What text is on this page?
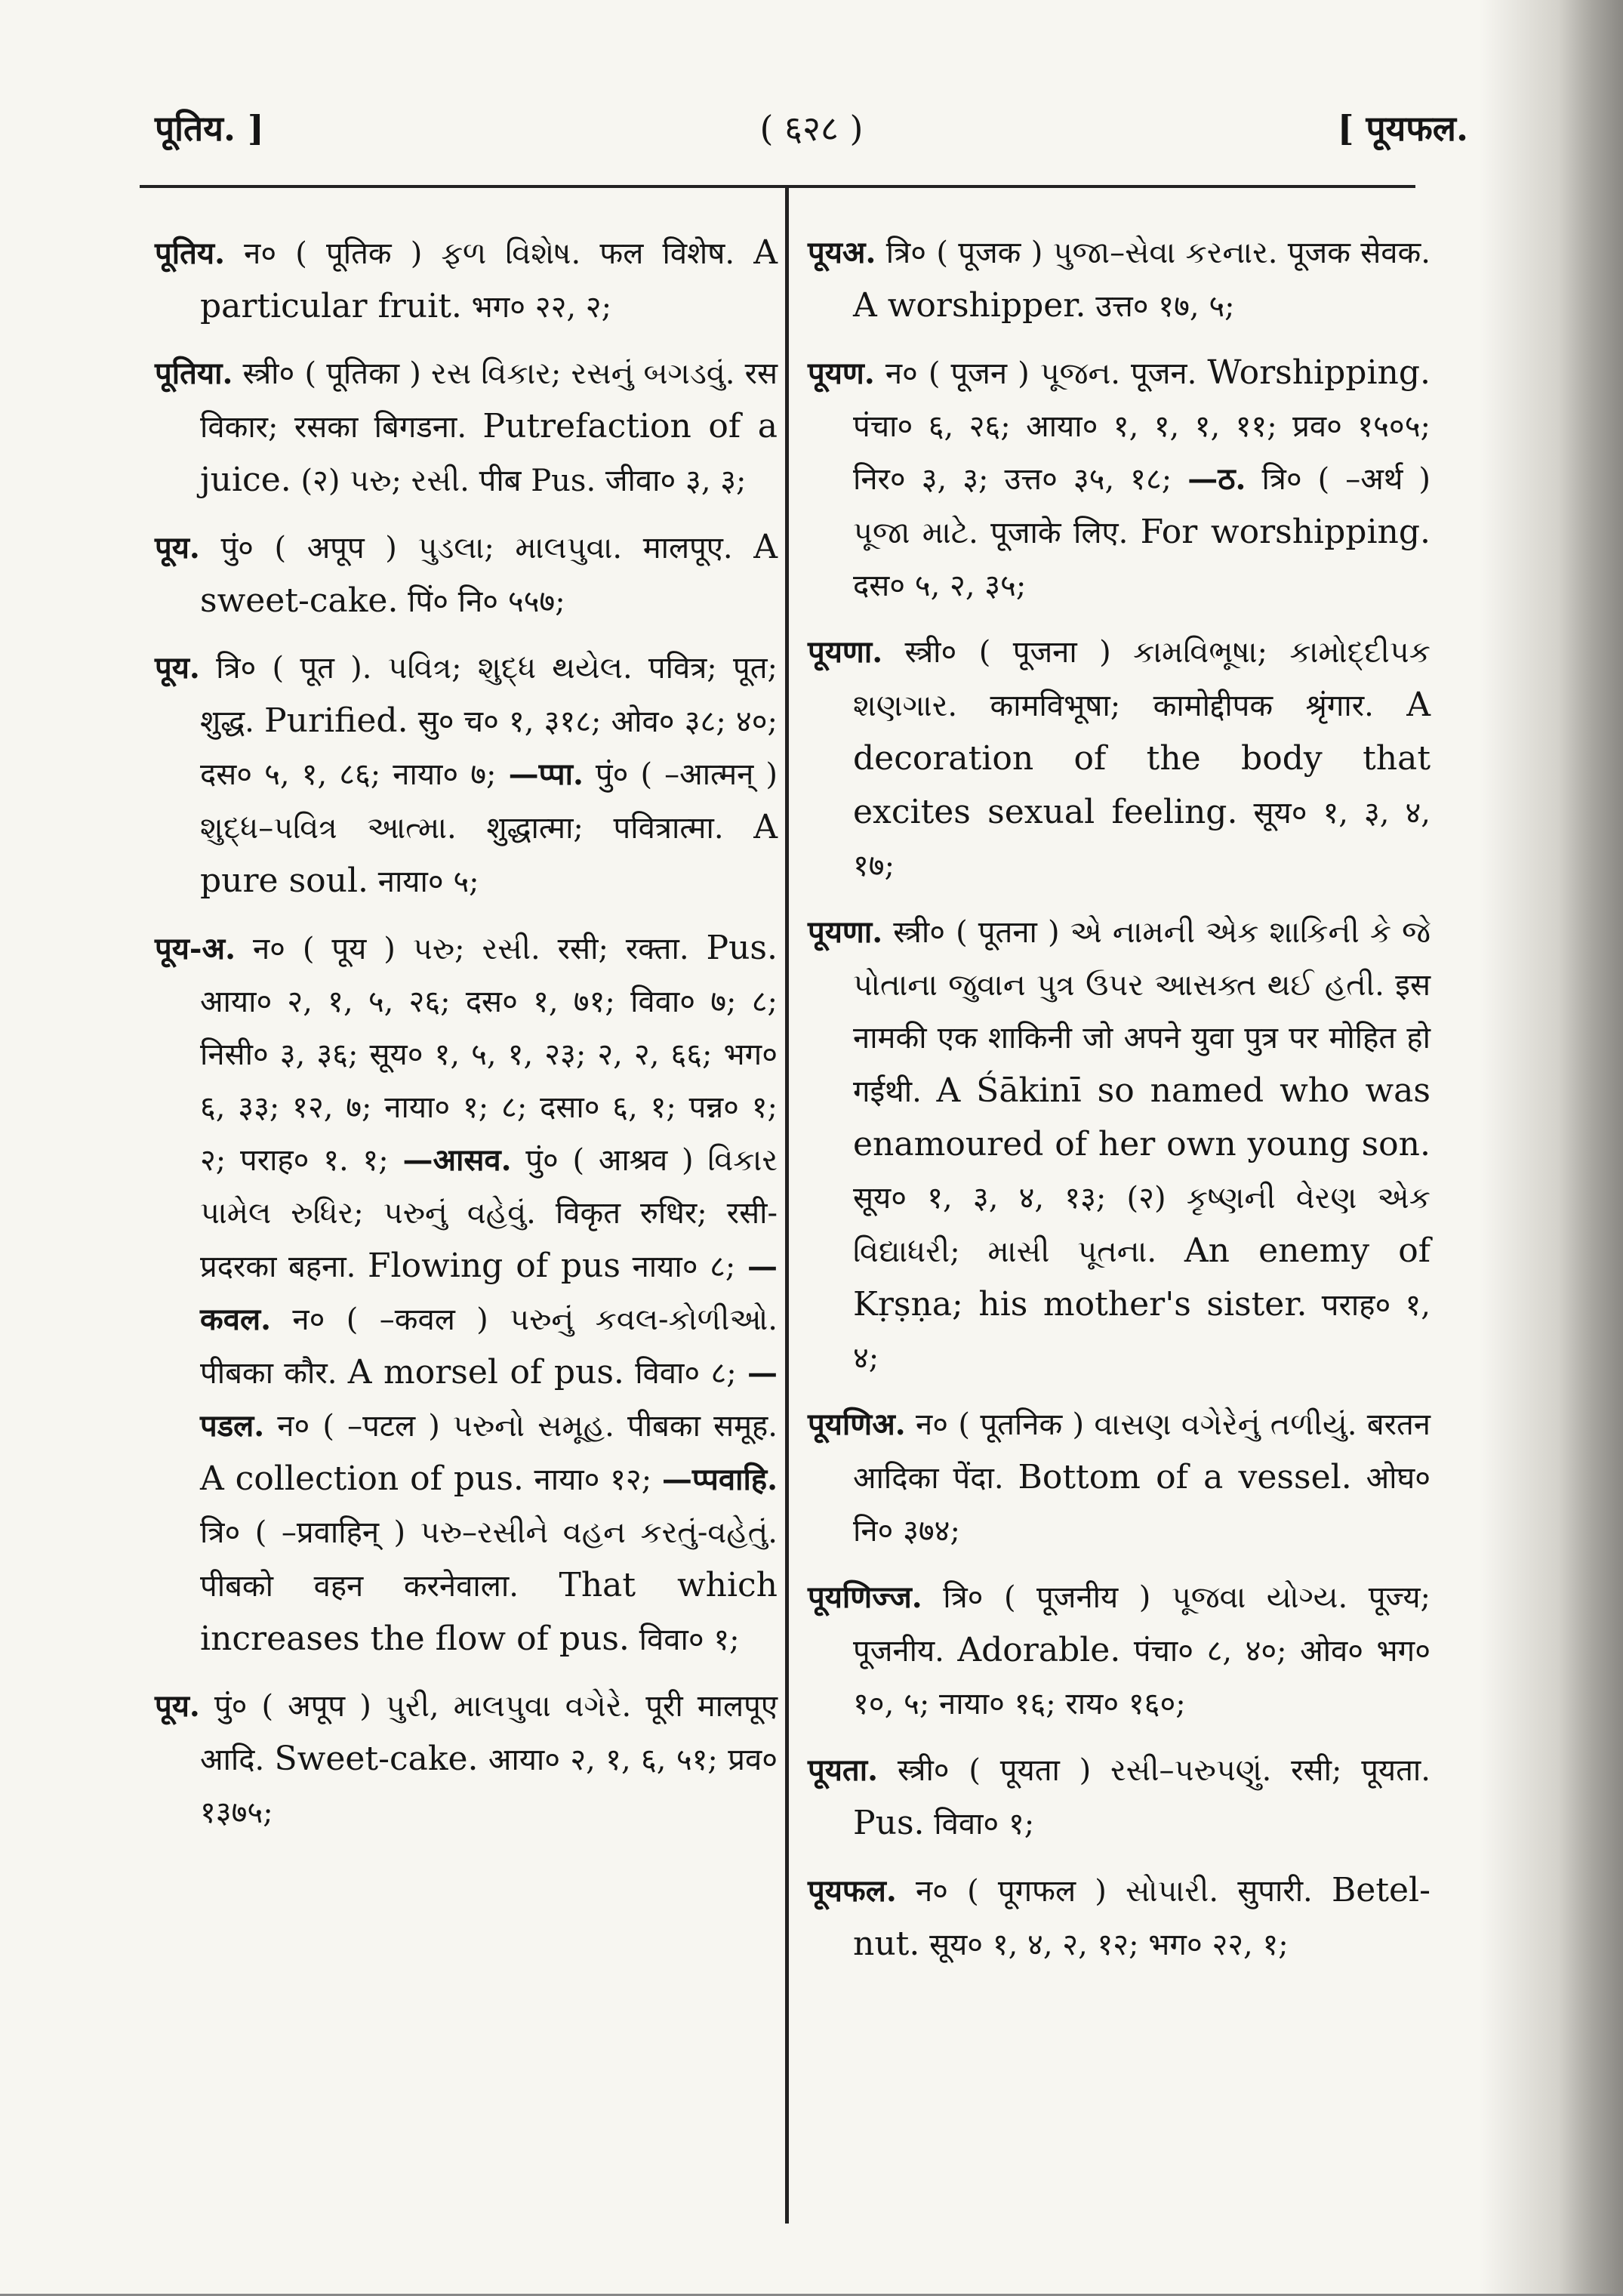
पूतिय. ]	( ६२८ )	[ पूयफल.

पूतिय. न० ( पूतिक ) ફળ વિશેષ. फल विशेष. A particular fruit. भग० २२, २;

पूतिया. स्त्री० ( पूतिका ) રસ વિકાર; રસનું બગડવું. रस विकार; रसका बिगडना. Putrefaction of a juice. (२) પરુ; રસી. पीब Pus. जीवा० ३, ३;

पूय. पुं० ( अपूप ) પુડલા; માલપુવા. मालपूए. A sweet-cake. पिं० नि० ५५७;

पूय. त्रि० ( पूत ). પવિત્ર; શુદ્ધ થયેલ. पवित्र; पूत; शुद्ध. Purified. सु० च० १, ३१८; ओव० ३८; ४०; दस० ५, १, ८६; नाया० ७; —प्पा. पुं० ( –आत्मन् ) શુદ્ધ–પવિત્ર આત્મા. शुद्धात्मा; पवित्रात्मा. A pure soul. नाया० ५;

पूय-अ. न० ( पूय ) પરુ; રસી. रसी; रक्ता. Pus. आया० २, १, ५, २६; दस० १, ७१; विवा० ७; ८; निसी० ३, ३६; सूय० १, ५, १, २३; २, २, ६६; भग० ६, ३३; १२, ७; नाया० १; ८; दसा० ६, १; पन्न० १; २; पराह० १. १; —आसव. पुं० ( आश्रव ) વિકાર પામેલ રુધિર; પરુનું વહેવું. विकृत रुधिर; रसी-प्रदरका बहना. Flowing of pus नाया० ८; —कवल. न० ( –कवल ) પરુનું કવલ-કોળીઓ. पीबका कौर. A morsel of pus. विवा० ८; —पडल. न० ( –पटल ) પરુનો સમૂહ. पीबका समूह. A collection of pus. नाया० १२; —प्पवाहि. त्रि० ( –प्रवाहिन् ) પરુ–રસીને વહન કરતું-વહેતું. पीबको वहन करनेवाला. That which increases the flow of pus. विवा० १;

पूय. पुं० ( अपूप ) પુરી, માલપુવા વગેરે. पूरी मालपूए आदि. Sweet-cake. आया० २, १, ६, ५१; प्रव० १३७५;

पूयअ. त्रि० ( पूजक ) પુજા–સેવા કરનાર. पूजक सेवक. A worshipper. उत्त० १७, ५;

पूयण. न० ( पूजन ) પૂજન. पूजन. Worshipping. पंचा० ६, २६; आया० १, १, १, ११; प्रव० १५०५; निर० ३, ३; उत्त० ३५, १८; —ठ. त्रि० ( –अर्थ ) પૂજા માટે. पूजाके लिए. For worshipping. दस० ५, २, ३५;

पूयणा. स्त्री० ( पूजना ) કામવિભૂષા; કામોદ્દીપક શણગાર. कामविभूषा; कामोद्दीपक श्रृंगार. A decoration of the body that excites sexual feeling. सूय० १, ३, ४, १७;

पूयणा. स्त्री० ( पूतना ) એ નામની એક શાકિની કે જે પોતાના જુવાન પુત્ર ઉપર આસક્ત થઈ હતી. इस नामकी एक शाकिनी जो अपने युवा पुत्र पर मोहित हो गईथी. A Śākinī so named who was enamoured of her own young son. सूय० १, ३, ४, १३; (२) કૃષ્ણની વેરણ એક વિદ્યાધરી; માસી પૂતના. An enemy of Kṛṣṇa; his mother's sister. पराह० १, ४;

पूयणिअ. न० ( पूतनिक ) વાસણ વગેરેનું તળીયું. बरतन आदिका पेंदा. Bottom of a vessel. ओघ० नि० ३७४;

पूयणिज्ज. त्रि० ( पूजनीय ) પૂજવા યોગ્ય. पूज्य; पूजनीय. Adorable. पंचा० ८, ४०; ओव० भग० १०, ५; नाया० १६; राय० १६०;

पूयता. स्त्री० ( पूयता ) રસી–પરુપણું. रसी; पूयता. Pus. विवा० १;

पूयफल. न० ( पूगफल ) સોપારી. सुपारी. Betel-nut. सूय० १, ४, २, १२; भग० २२, १;
